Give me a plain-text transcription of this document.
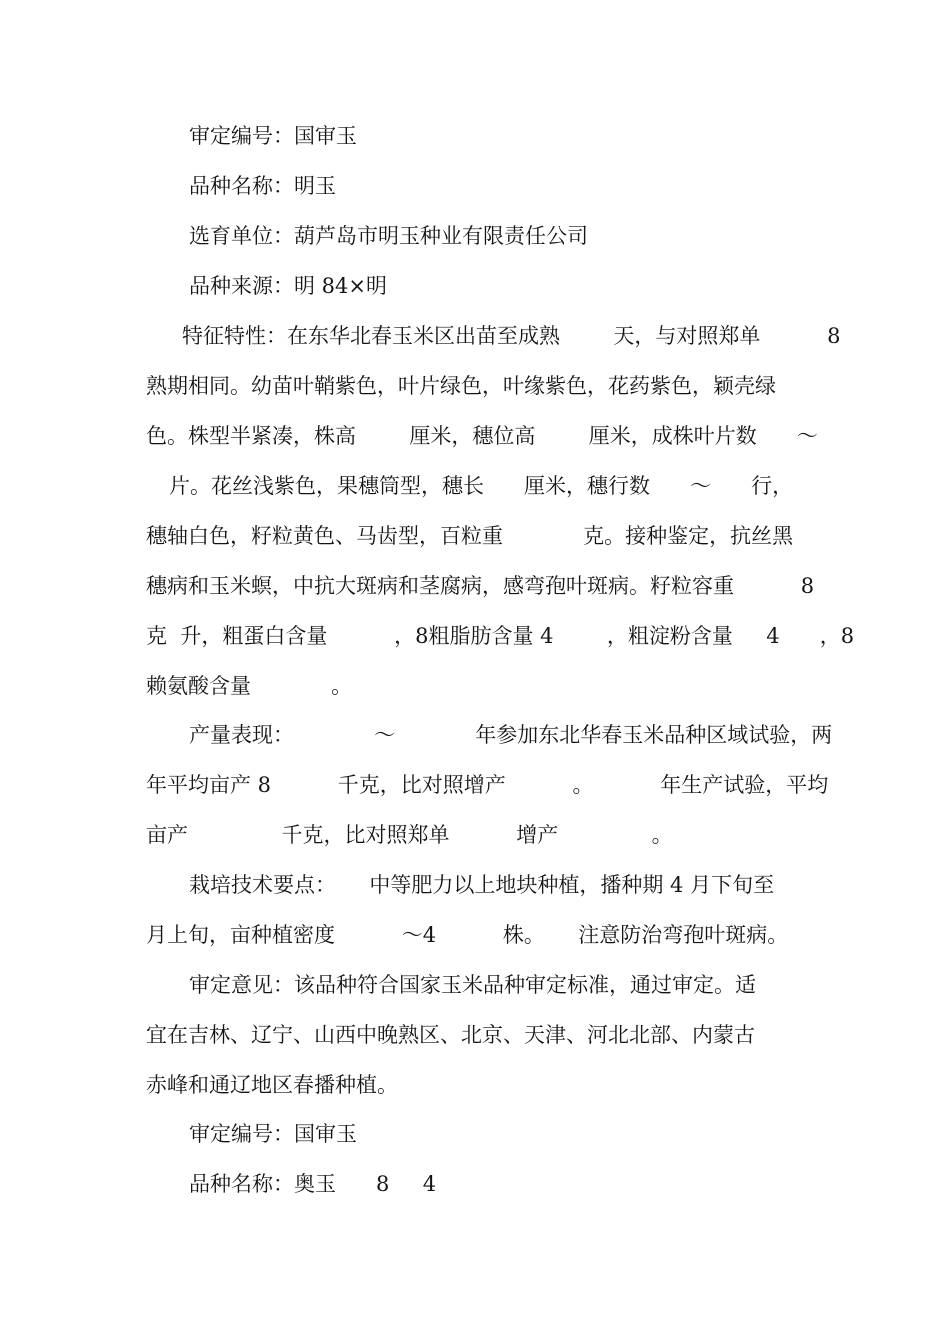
审定编号：国审玉
品种名称：明玉
选育单位：葫芦岛市明玉种业有限责任公司
品种来源：明 84×明
特征特性：在东华北春玉米区出苗至成熟        天，与对照郑单          8
熟期相同。幼苗叶鞘紫色，叶片绿色，叶缘紫色，花药紫色，颖壳绿
色。株型半紧凑，株高        厘米，穗位高        厘米，成株叶片数      ～
片。花丝浅紫色，果穗筒型，穗长      厘米，穗行数      ～      行，
穗轴白色，籽粒黄色、马齿型，百粒重            克。接种鉴定，抗丝黑
穗病和玉米螟，中抗大斑病和茎腐病，感弯孢叶斑病。籽粒容重          8
克  升，粗蛋白含量          ，8粗脂肪含量 4        ，粗淀粉含量     4      ，8
赖氨酸含量            。
产量表现：            ～            年参加东北华春玉米品种区域试验，两
年平均亩产 8          千克，比对照增产          。          年生产试验，平均
亩产              千克，比对照郑单          增产              。
栽培技术要点：     中等肥力以上地块种植，播种期 4 月下旬至
月上旬，亩种植密度          ～4          株。     注意防治弯孢叶斑病。
审定意见：该品种符合国家玉米品种审定标准，通过审定。适
宜在吉林、辽宁、山西中晚熟区、北京、天津、河北北部、内蒙古
赤峰和通辽地区春播种植。
审定编号：国审玉
品种名称：奥玉      8     4
